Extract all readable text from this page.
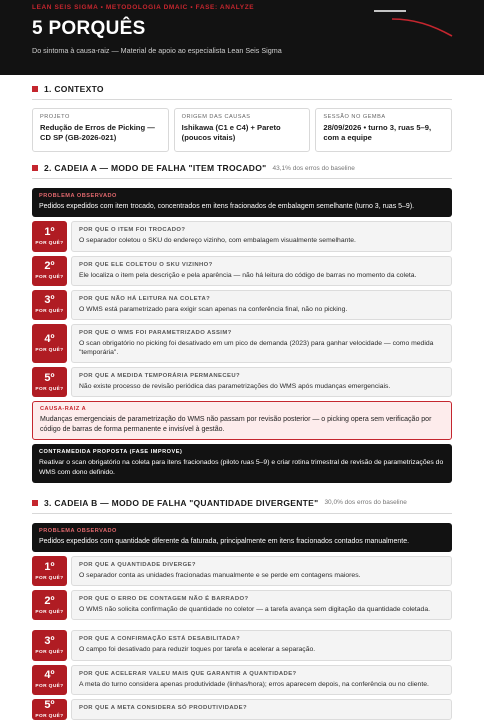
LEAN SEIS SIGMA • METODOLOGIA DMAIC • FASE: ANALYZE
5 PORQUÊS
Do sintoma à causa-raiz — Material de apoio ao especialista Lean Seis Sigma
1. CONTEXTO
PROJETO
Redução de Erros de Picking — CD SP (GB-2026-021)
ORIGEM DAS CAUSAS
Ishikawa (C1 e C4) + Pareto (poucos vitais)
SESSÃO NO GEMBA
28/09/2026 • turno 3, ruas 5–9, com a equipe
2. CADEIA A — MODO DE FALHA "ITEM TROCADO" 43,1% dos erros do baseline
PROBLEMA OBSERVADO
Pedidos expedidos com item trocado, concentrados em itens fracionados de embalagem semelhante (turno 3, ruas 5–9).
1º
POR QUÊ?
POR QUE O ITEM FOI TROCADO?
O separador coletou o SKU do endereço vizinho, com embalagem visualmente semelhante.
2º
POR QUÊ?
POR QUE ELE COLETOU O SKU VIZINHO?
Ele localiza o item pela descrição e pela aparência — não há leitura do código de barras no momento da coleta.
3º
POR QUÊ?
POR QUE NÃO HÁ LEITURA NA COLETA?
O WMS está parametrizado para exigir scan apenas na conferência final, não no picking.
4º
POR QUÊ?
POR QUE O WMS FOI PARAMETRIZADO ASSIM?
O scan obrigatório no picking foi desativado em um pico de demanda (2023) para ganhar velocidade — como medida "temporária".
5º
POR QUÊ?
POR QUE A MEDIDA TEMPORÁRIA PERMANECEU?
Não existe processo de revisão periódica das parametrizações do WMS após mudanças emergenciais.
CAUSA-RAIZ A
Mudanças emergenciais de parametrização do WMS não passam por revisão posterior — o picking opera sem verificação por código de barras de forma permanente e invisível à gestão.
CONTRAMEDIDA PROPOSTA (FASE IMPROVE)
Reativar o scan obrigatório na coleta para itens fracionados (piloto ruas 5–9) e criar rotina trimestral de revisão de parametrizações do WMS com dono definido.
3. CADEIA B — MODO DE FALHA "QUANTIDADE DIVERGENTE" 30,0% dos erros do baseline
PROBLEMA OBSERVADO
Pedidos expedidos com quantidade diferente da faturada, principalmente em itens fracionados contados manualmente.
1º
POR QUÊ?
POR QUE A QUANTIDADE DIVERGE?
O separador conta as unidades fracionadas manualmente e se perde em contagens maiores.
2º
POR QUÊ?
POR QUE O ERRO DE CONTAGEM NÃO É BARRADO?
O WMS não solicita confirmação de quantidade no coletor — a tarefa avança sem digitação da quantidade coletada.
3º
POR QUÊ?
POR QUE A CONFIRMAÇÃO ESTÁ DESABILITADA?
O campo foi desativado para reduzir toques por tarefa e acelerar a separação.
4º
POR QUÊ?
POR QUE ACELERAR VALEU MAIS QUE GARANTIR A QUANTIDADE?
A meta do turno considera apenas produtividade (linhas/hora); erros aparecem depois, na conferência ou no cliente.
5º
POR QUÊ?
POR QUE A META CONSIDERA SÓ PRODUTIVIDADE?
